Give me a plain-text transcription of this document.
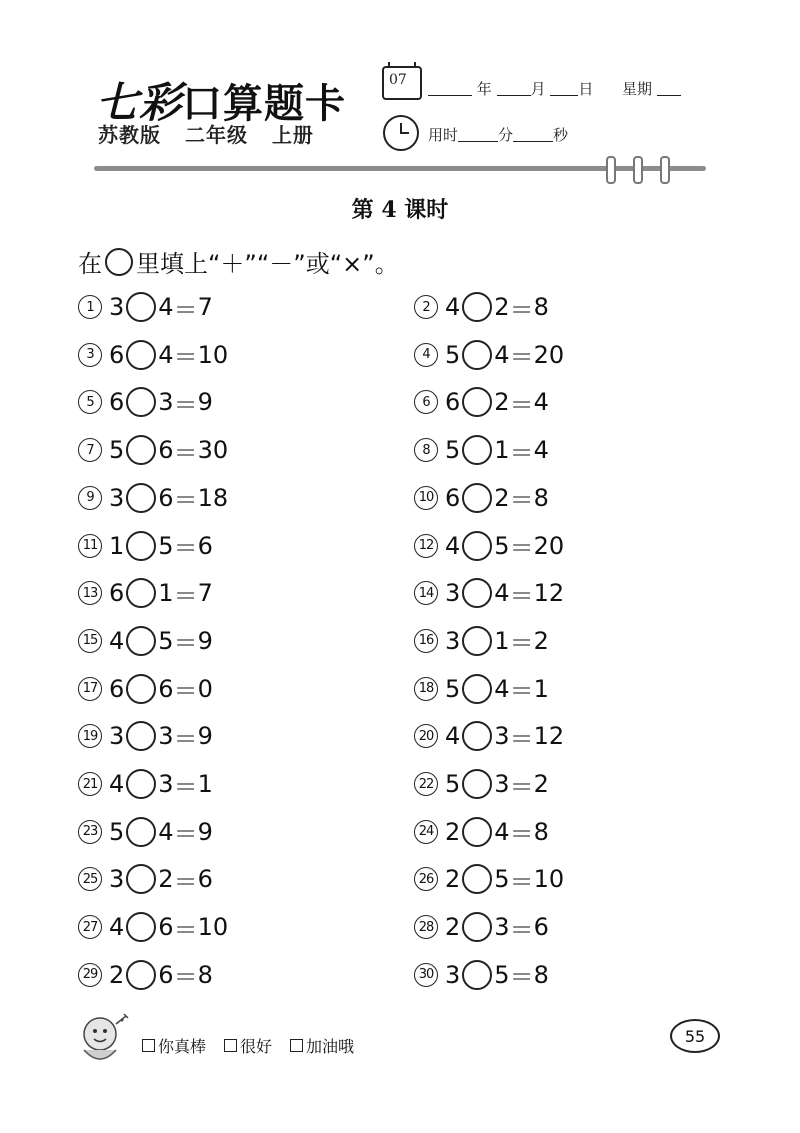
七彩口算题卡
苏教版 二年级 上册
07	年	月 日 星期
用时	分	秒
第 4 课时
在 里填上“＋”“－”或“×”。
1 3 4 ＝ 7	2 4 2 ＝ 8
3 6 4 ＝ 10	4 5 4 ＝ 20
5 6 3 ＝ 9	6 6 2 ＝ 4
7 5 6 ＝ 30	8 5 1 ＝ 4
9 3 6 ＝ 18	10 6 2 ＝ 8
11 1 5 ＝ 6	12 4 5 ＝ 20
13 6 1 ＝ 7	14 3 4 ＝ 12
15 4 5 ＝ 9	16 3 1 ＝ 2
17 6 6 ＝ 0	18 5 4 ＝ 1
19 3 3 ＝ 9	20 4 3 ＝ 12
21 4 3 ＝ 1	22 5 3 ＝ 2
23 5 4 ＝ 9	24 2 4 ＝ 8
25 3 2 ＝ 6	26 2 5 ＝ 10
27 4 6 ＝ 10	28 2 3 ＝ 6
29 2 6 ＝ 8	30 3 5 ＝ 8
你真棒 很好 加油哦
55
